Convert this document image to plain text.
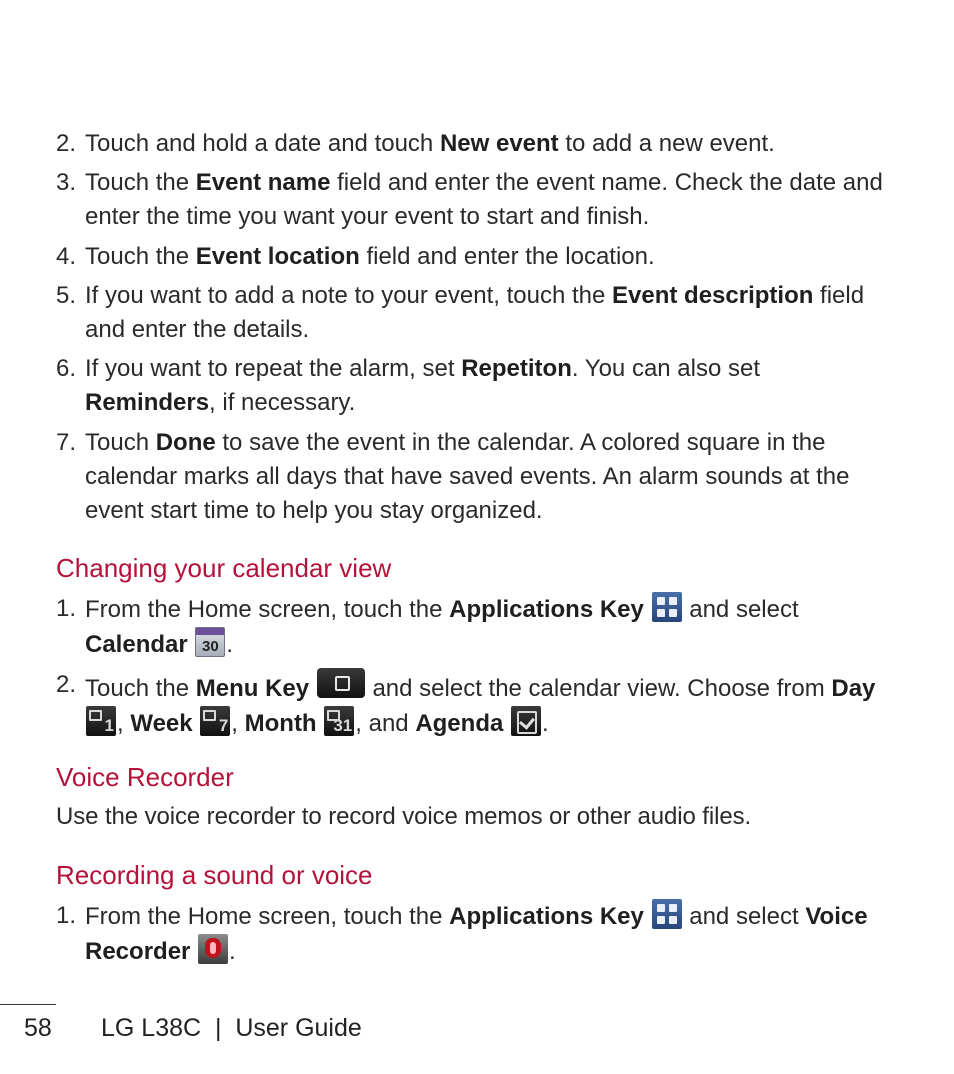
2. Touch and hold a date and touch New event to add a new event.
3. Touch the Event name field and enter the event name. Check the date and enter the time you want your event to start and finish.
4. Touch the Event location field and enter the location.
5. If you want to add a note to your event, touch the Event description field and enter the details.
6. If you want to repeat the alarm, set Repetiton. You can also set Reminders, if necessary.
7. Touch Done to save the event in the calendar. A colored square in the calendar marks all days that have saved events. An alarm sounds at the event start time to help you stay organized.
Changing your calendar view
1. From the Home screen, touch the Applications Key
and select
Calendar 30 .
2. Touch the Menu Key  and select the calendar view. Choose from Day

1 , Week 7 , Month 31 , and Agenda .
Voice Recorder
Use the voice recorder to record voice memos or other audio files.
Recording a sound or voice
1. From the Home screen, touch the Applications Key
and select Voice
Recorder .
58 LG L38C  |  User Guide
